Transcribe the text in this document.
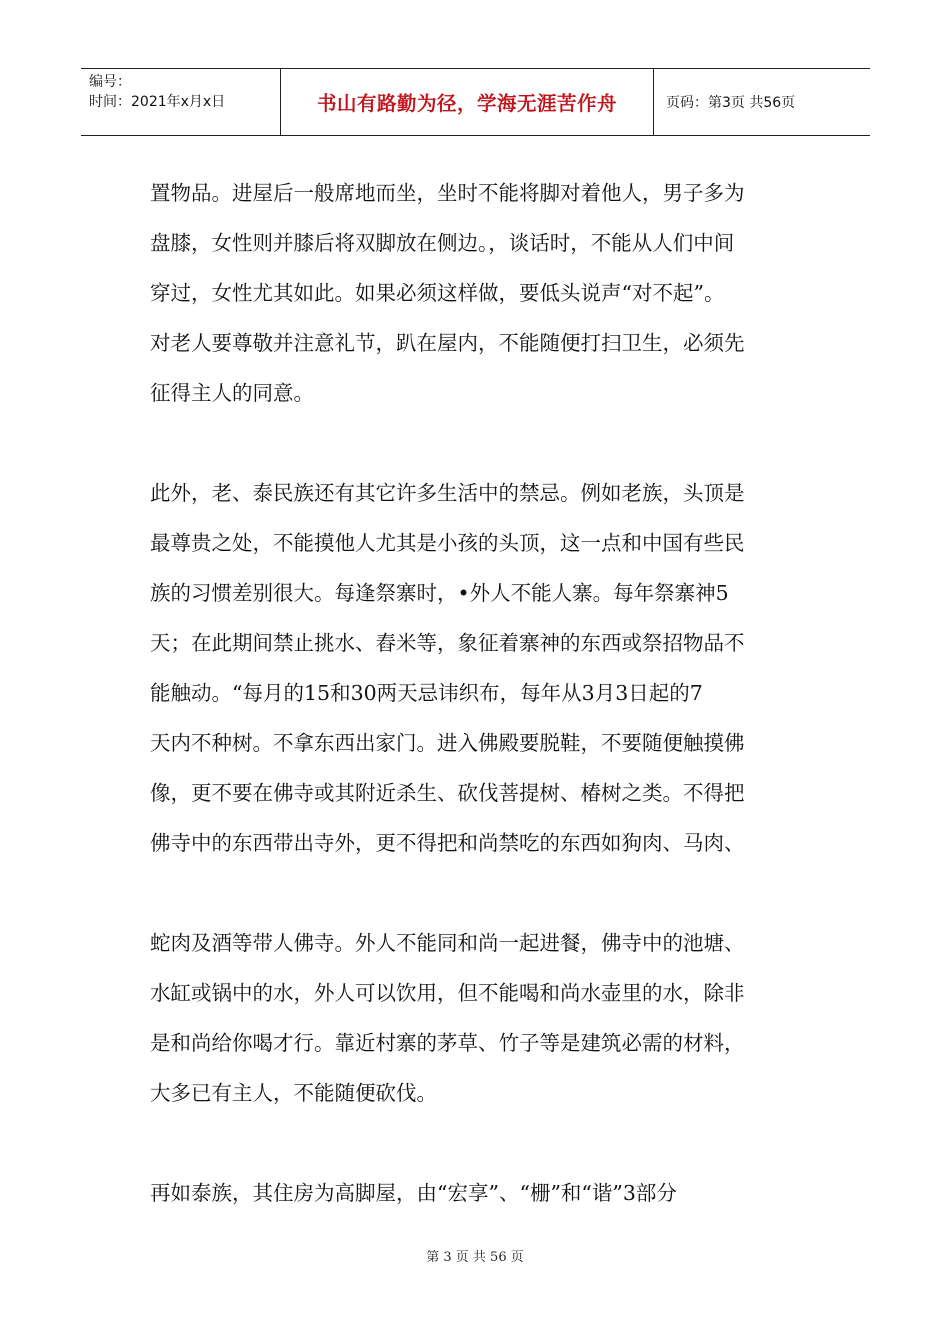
编号：
时间：2021年x月x日	书山有路勤为径，学海无涯苦作舟	页码：第3页 共56页

置物品。进屋后一般席地而坐，坐时不能将脚对着他人，男子多为

盘膝，女性则并膝后将双脚放在侧边。，谈话时，不能从人们中间

穿过，女性尤其如此。如果必须这样做，要低头说声“对不起”。

对老人要尊敬并注意礼节，趴在屋内，不能随便打扫卫生，必须先

征得主人的同意。

此外，老、泰民族还有其它许多生活中的禁忌。例如老族，头顶是

最尊贵之处，不能摸他人尤其是小孩的头顶，这一点和中国有些民

族的习惯差别很大。每逢祭寨时，•外人不能人寨。每年祭寨神5

天；在此期间禁止挑水、舂米等，象征着寨神的东西或祭招物品不

能触动。“每月的15和30两天忌讳织布，每年从3月3日起的7

天内不种树。不拿东西出家门。进入佛殿要脱鞋，不要随便触摸佛

像，更不要在佛寺或其附近杀生、砍伐菩提树、椿树之类。不得把

佛寺中的东西带出寺外，更不得把和尚禁吃的东西如狗肉、马肉、

蛇肉及酒等带人佛寺。外人不能同和尚一起进餐，佛寺中的池塘、

水缸或锅中的水，外人可以饮用，但不能喝和尚水壶里的水，除非

是和尚给你喝才行。靠近村寨的茅草、竹子等是建筑必需的材料，

大多已有主人，不能随便砍伐。

再如泰族，其住房为高脚屋，由“宏享”、“栅”和“谐”3部分

第 3 页 共 56 页
